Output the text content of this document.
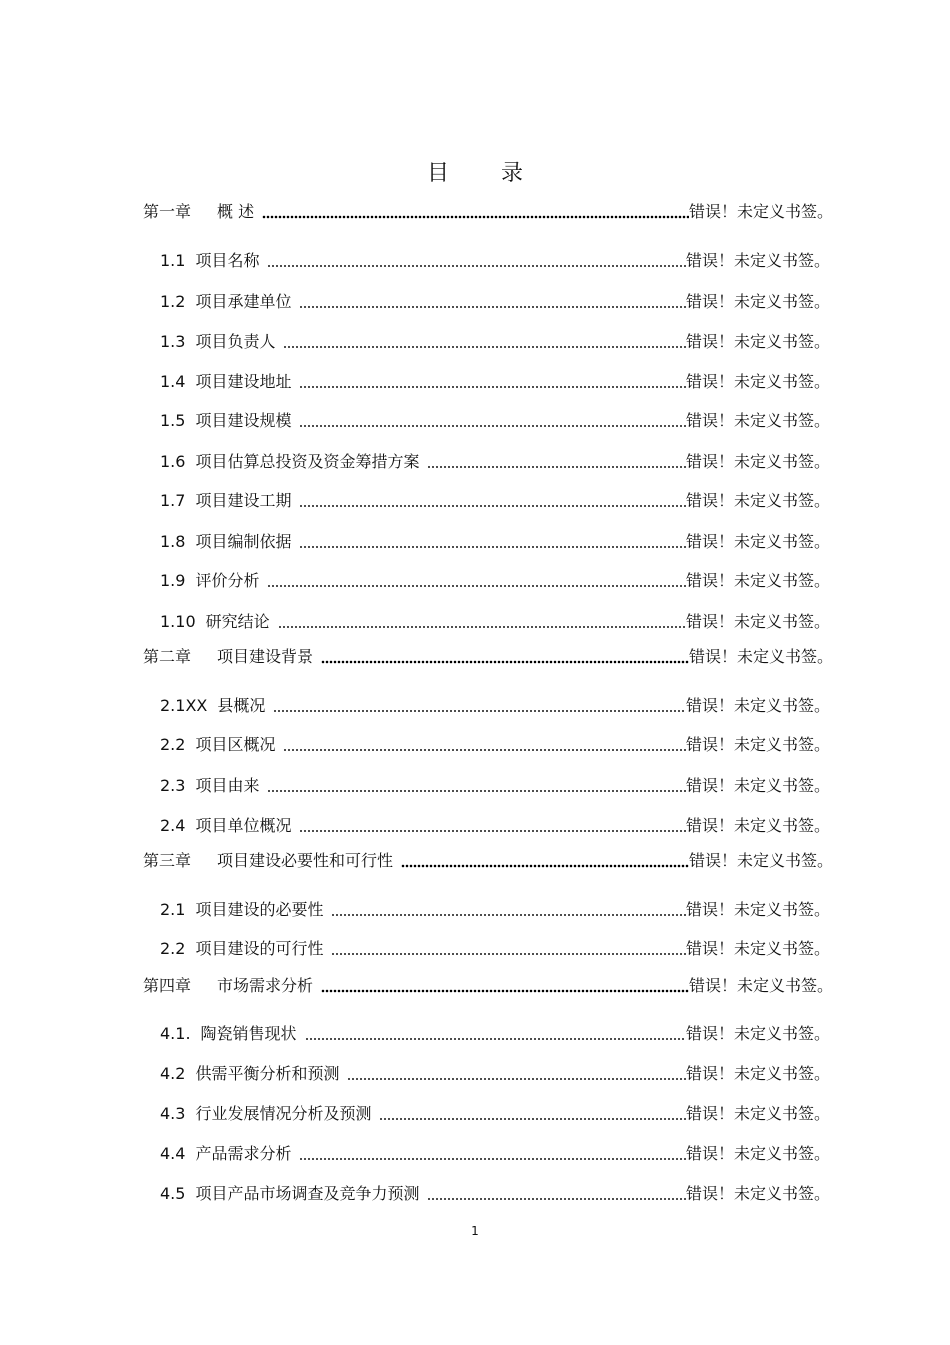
目 录
第一章 概 述	错误！未定义书签。
1.1 项目名称	错误！未定义书签。
1.2 项目承建单位	错误！未定义书签。
1.3 项目负责人	错误！未定义书签。
1.4 项目建设地址	错误！未定义书签。
1.5 项目建设规模	错误！未定义书签。
1.6 项目估算总投资及资金筹措方案	错误！未定义书签。
1.7 项目建设工期	错误！未定义书签。
1.8 项目编制依据	错误！未定义书签。
1.9 评价分析	错误！未定义书签。
1.10 研究结论	错误！未定义书签。
第二章 项目建设背景	错误！未定义书签。
2.1XX 县概况	错误！未定义书签。
2.2 项目区概况	错误！未定义书签。
2.3 项目由来	错误！未定义书签。
2.4 项目单位概况	错误！未定义书签。
第三章 项目建设必要性和可行性	错误！未定义书签。
2.1 项目建设的必要性	错误！未定义书签。
2.2 项目建设的可行性	错误！未定义书签。
第四章 市场需求分析	错误！未定义书签。
4.1. 陶瓷销售现状	错误！未定义书签。
4.2 供需平衡分析和预测	错误！未定义书签。
4.3 行业发展情况分析及预测	错误！未定义书签。
4.4 产品需求分析	错误！未定义书签。
4.5 项目产品市场调查及竞争力预测	错误！未定义书签。
1
